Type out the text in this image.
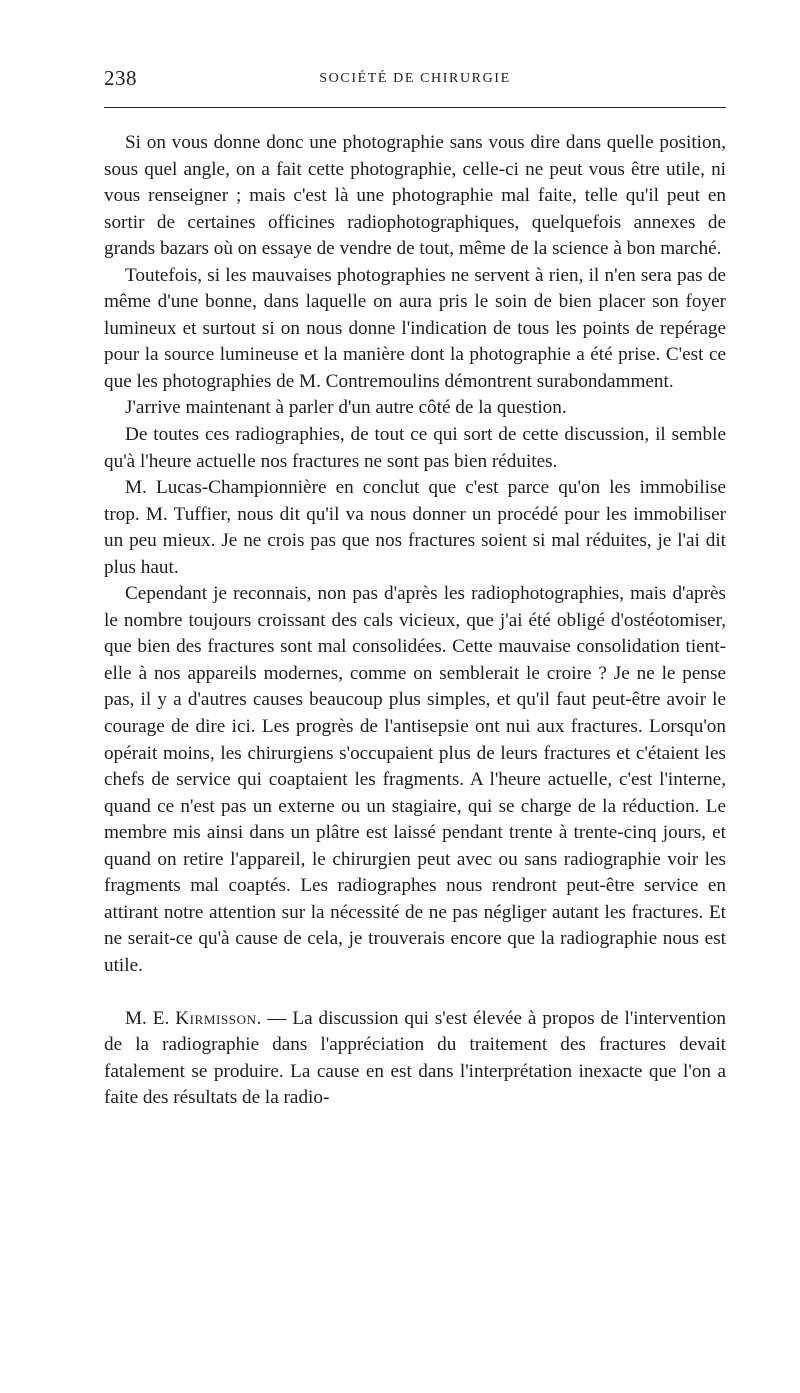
238	SOCIÉTÉ DE CHIRURGIE

Si on vous donne donc une photographie sans vous dire dans quelle position, sous quel angle, on a fait cette photographie, celle-ci ne peut vous être utile, ni vous renseigner ; mais c'est là une photographie mal faite, telle qu'il peut en sortir de certaines officines radiophotographiques, quelquefois annexes de grands bazars où on essaye de vendre de tout, même de la science à bon marché.

Toutefois, si les mauvaises photographies ne servent à rien, il n'en sera pas de même d'une bonne, dans laquelle on aura pris le soin de bien placer son foyer lumineux et surtout si on nous donne l'indication de tous les points de repérage pour la source lumineuse et la manière dont la photographie a été prise. C'est ce que les photographies de M. Contremoulins démontrent surabondamment.

J'arrive maintenant à parler d'un autre côté de la question.

De toutes ces radiographies, de tout ce qui sort de cette discussion, il semble qu'à l'heure actuelle nos fractures ne sont pas bien réduites.

M. Lucas-Championnière en conclut que c'est parce qu'on les immobilise trop. M. Tuffier, nous dit qu'il va nous donner un procédé pour les immobiliser un peu mieux. Je ne crois pas que nos fractures soient si mal réduites, je l'ai dit plus haut.

Cependant je reconnais, non pas d'après les radiophotographies, mais d'après le nombre toujours croissant des cals vicieux, que j'ai été obligé d'ostéotomiser, que bien des fractures sont mal consolidées. Cette mauvaise consolidation tient-elle à nos appareils modernes, comme on semblerait le croire ? Je ne le pense pas, il y a d'autres causes beaucoup plus simples, et qu'il faut peut-être avoir le courage de dire ici. Les progrès de l'antisepsie ont nui aux fractures. Lorsqu'on opérait moins, les chirurgiens s'occupaient plus de leurs fractures et c'étaient les chefs de service qui coaptaient les fragments. A l'heure actuelle, c'est l'interne, quand ce n'est pas un externe ou un stagiaire, qui se charge de la réduction. Le membre mis ainsi dans un plâtre est laissé pendant trente à trente-cinq jours, et quand on retire l'appareil, le chirurgien peut avec ou sans radiographie voir les fragments mal coaptés. Les radiographes nous rendront peut-être service en attirant notre attention sur la nécessité de ne pas négliger autant les fractures. Et ne serait-ce qu'à cause de cela, je trouverais encore que la radiographie nous est utile.

M. E. Kirmisson. — La discussion qui s'est élevée à propos de l'intervention de la radiographie dans l'appréciation du traitement des fractures devait fatalement se produire. La cause en est dans l'interprétation inexacte que l'on a faite des résultats de la radio-
